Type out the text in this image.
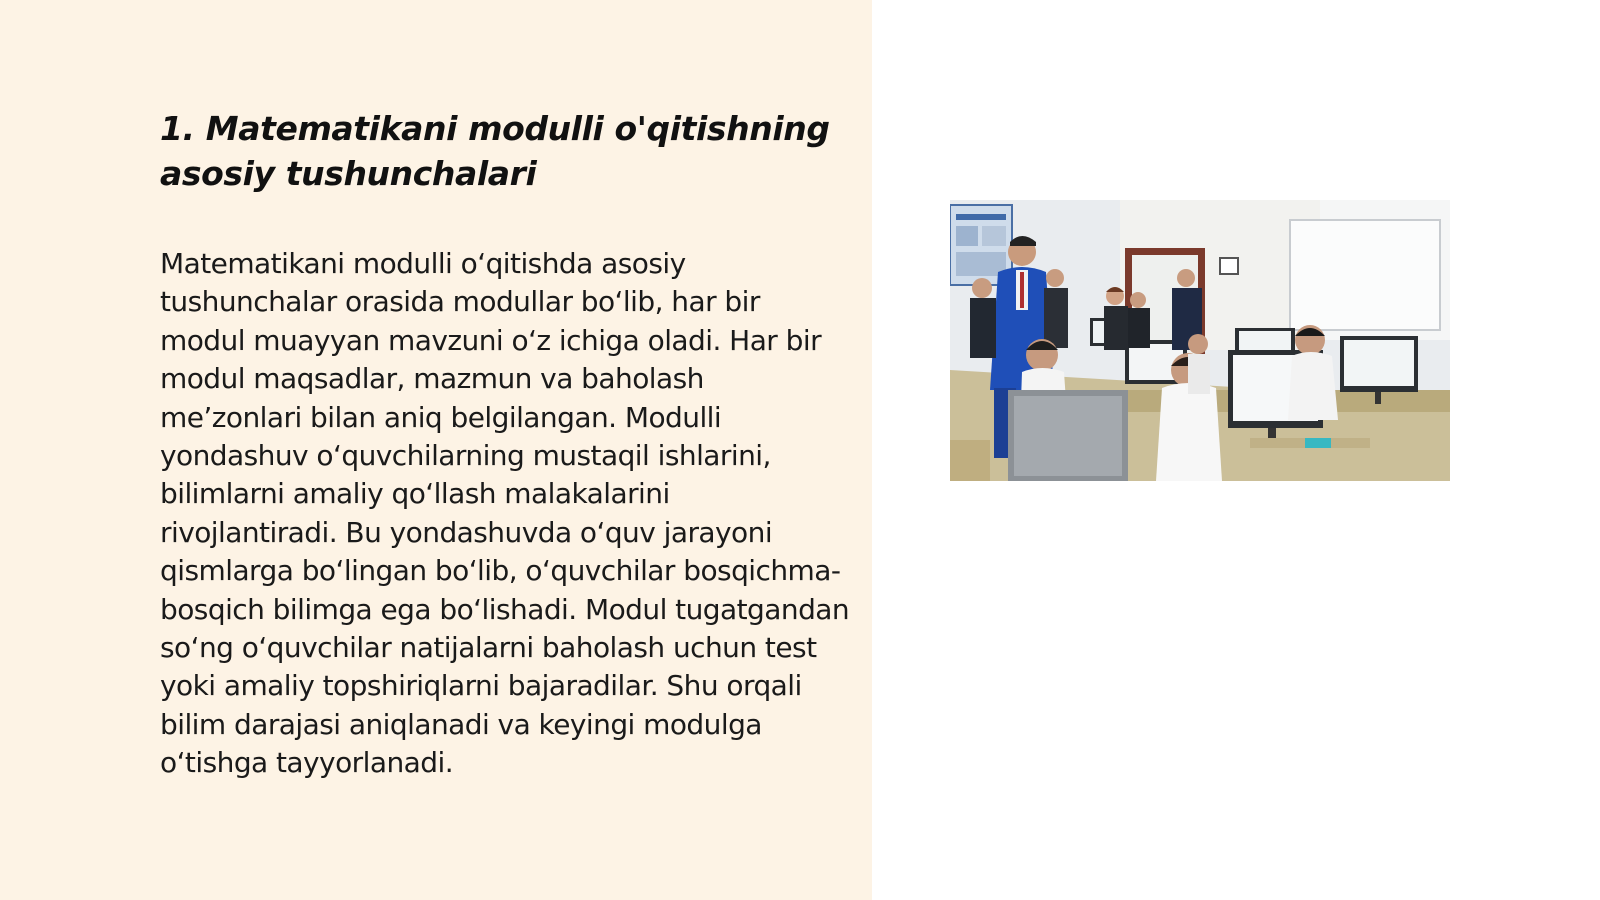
1. Matematikani modulli o'qitishning asosiy tushunchalari

Matematikani modulli o‘qitishda asosiy tushunchalar orasida modullar bo‘lib, har bir modul muayyan mavzuni o‘z ichiga oladi. Har bir modul maqsadlar, mazmun va baholash me’zonlari bilan aniq belgilangan. Modulli yondashuv o‘quvchilarning mustaqil ishlarini, bilimlarni amaliy qo‘llash malakalarini rivojlantiradi. Bu yondashuvda o‘quv jarayoni qismlarga bo‘lingan bo‘lib, o‘quvchilar bosqichma-bosqich bilimga ega bo‘lishadi. Modul tugatgandan so‘ng o‘quvchilar natijalarni baholash uchun test yoki amaliy topshiriqlarni bajaradilar. Shu orqali bilim darajasi aniqlanadi va keyingi modulga o‘tishga tayyorlanadi.
